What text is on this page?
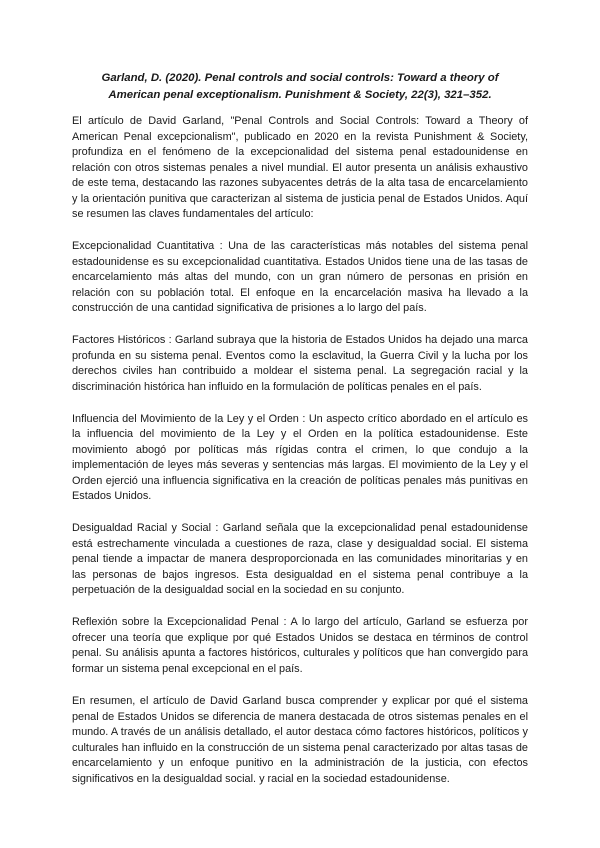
Garland, D. (2020). Penal controls and social controls: Toward a theory of American penal exceptionalism. Punishment & Society, 22(3), 321–352.

El artículo de David Garland, "Penal Controls and Social Controls: Toward a Theory of American Penal excepcionalism", publicado en 2020 en la revista Punishment & Society, profundiza en el fenómeno de la excepcionalidad del sistema penal estadounidense en relación con otros sistemas penales a nivel mundial. El autor presenta un análisis exhaustivo de este tema, destacando las razones subyacentes detrás de la alta tasa de encarcelamiento y la orientación punitiva que caracterizan al sistema de justicia penal de Estados Unidos. Aquí se resumen las claves fundamentales del artículo:

Excepcionalidad Cuantitativa : Una de las características más notables del sistema penal estadounidense es su excepcionalidad cuantitativa. Estados Unidos tiene una de las tasas de encarcelamiento más altas del mundo, con un gran número de personas en prisión en relación con su población total. El enfoque en la encarcelación masiva ha llevado a la construcción de una cantidad significativa de prisiones a lo largo del país.

Factores Históricos : Garland subraya que la historia de Estados Unidos ha dejado una marca profunda en su sistema penal. Eventos como la esclavitud, la Guerra Civil y la lucha por los derechos civiles han contribuido a moldear el sistema penal. La segregación racial y la discriminación histórica han influido en la formulación de políticas penales en el país.

Influencia del Movimiento de la Ley y el Orden : Un aspecto crítico abordado en el artículo es la influencia del movimiento de la Ley y el Orden en la política estadounidense. Este movimiento abogó por políticas más rígidas contra el crimen, lo que condujo a la implementación de leyes más severas y sentencias más largas. El movimiento de la Ley y el Orden ejerció una influencia significativa en la creación de políticas penales más punitivas en Estados Unidos.

Desigualdad Racial y Social : Garland señala que la excepcionalidad penal estadounidense está estrechamente vinculada a cuestiones de raza, clase y desigualdad social. El sistema penal tiende a impactar de manera desproporcionada en las comunidades minoritarias y en las personas de bajos ingresos. Esta desigualdad en el sistema penal contribuye a la perpetuación de la desigualdad social en la sociedad en su conjunto.

Reflexión sobre la Excepcionalidad Penal : A lo largo del artículo, Garland se esfuerza por ofrecer una teoría que explique por qué Estados Unidos se destaca en términos de control penal. Su análisis apunta a factores históricos, culturales y políticos que han convergido para formar un sistema penal excepcional en el país.

En resumen, el artículo de David Garland busca comprender y explicar por qué el sistema penal de Estados Unidos se diferencia de manera destacada de otros sistemas penales en el mundo. A través de un análisis detallado, el autor destaca cómo factores históricos, políticos y culturales han influido en la construcción de un sistema penal caracterizado por altas tasas de encarcelamiento y un enfoque punitivo en la administración de la justicia, con efectos significativos en la desigualdad social. y racial en la sociedad estadounidense.
